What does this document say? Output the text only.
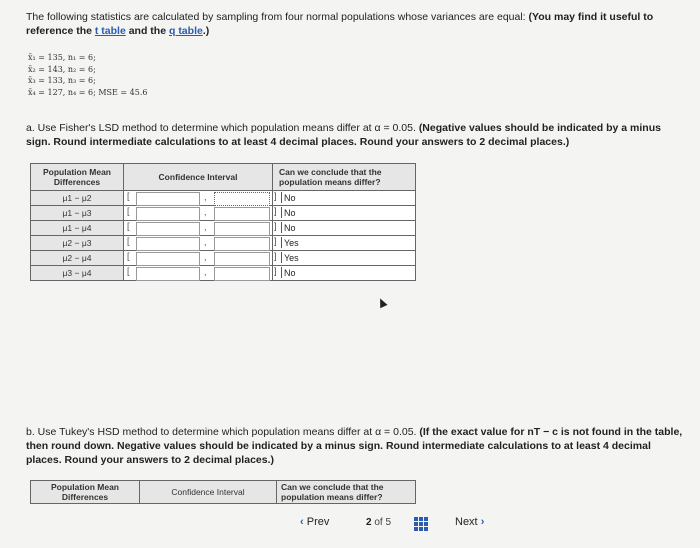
The following statistics are calculated by sampling from four normal populations whose variances are equal: (You may find it useful to reference the t table and the q table.)
x̄₁ = 135, n₁ = 6;
x̄₂ = 143, n₂ = 6;
x̄₃ = 133, n₃ = 6;
x̄₄ = 127, n₄ = 6; MSE = 45.6
a. Use Fisher's LSD method to determine which population means differ at α = 0.05. (Negative values should be indicated by a minus sign. Round intermediate calculations to at least 4 decimal places. Round your answers to 2 decimal places.)
Population Mean Differences	Confidence Interval	Can we conclude that the population means differ?
μ1 − μ2	[ ,	] No

μ1 − μ3	[ ,	] No

μ1 − μ4	[ ,	] No

μ2 − μ3	[ ,	] Yes

μ2 − μ4	[ ,	] Yes

μ3 − μ4	[ ,	] No
b. Use Tukey's HSD method to determine which population means differ at α = 0.05. (If the exact value for nT − c is not found in the table, then round down. Negative values should be indicated by a minus sign. Round intermediate calculations to at least 4 decimal places. Round your answers to 2 decimal places.)
Population Mean Differences	Confidence Interval	Can we conclude that the population means differ?
‹ Prev	2 of 5	Next ›
